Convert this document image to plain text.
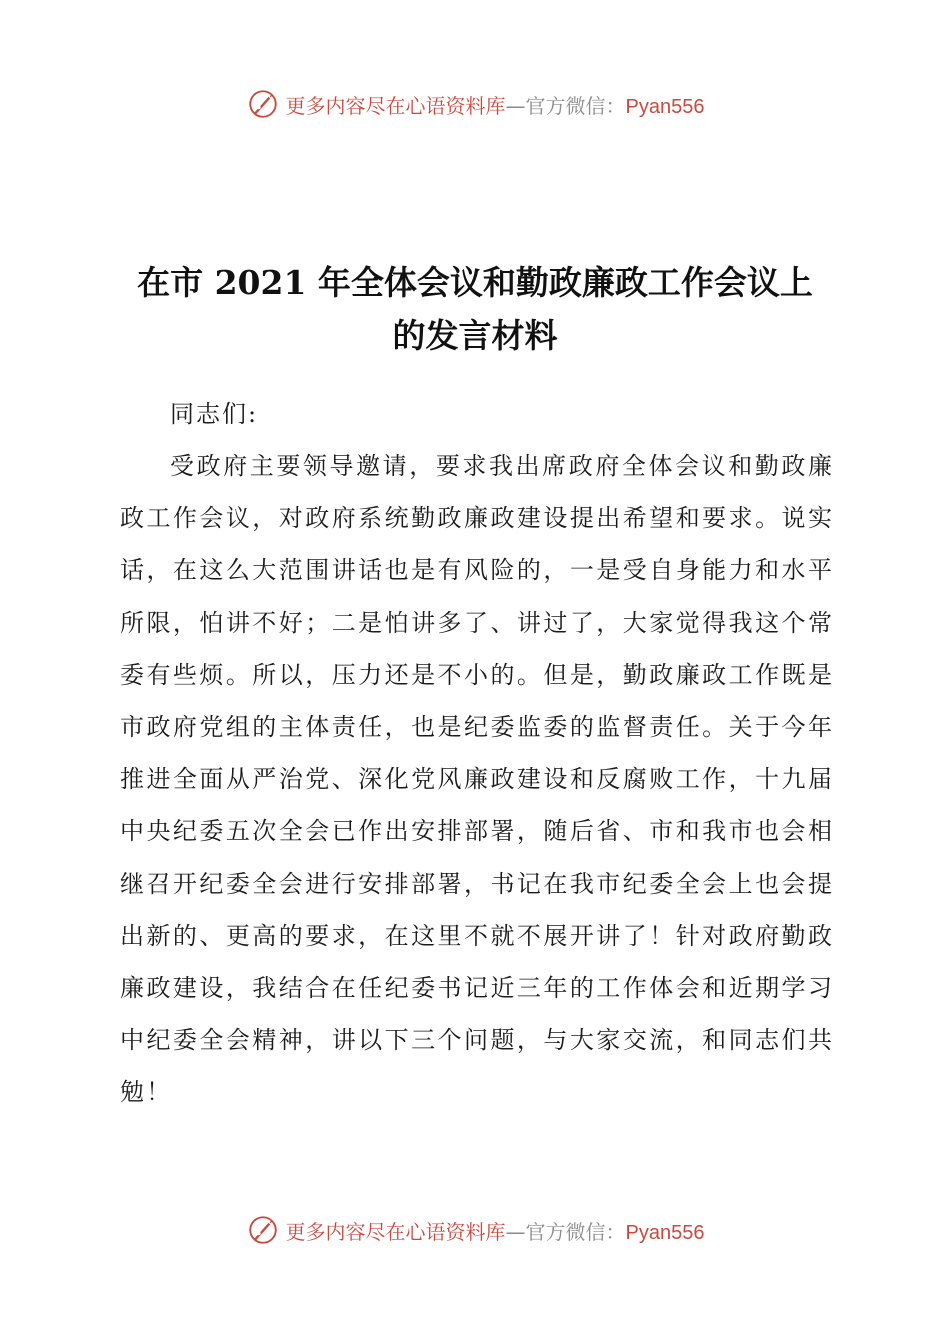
更多内容尽在心语资料库—官方微信：Pyan556
在市 2021 年全体会议和勤政廉政工作会议上
的发言材料
同志们:
受政府主要领导邀请，要求我出席政府全体会议和勤政廉
政工作会议，对政府系统勤政廉政建设提出希望和要求。说实
话，在这么大范围讲话也是有风险的，一是受自身能力和水平
所限，怕讲不好；二是怕讲多了、讲过了，大家觉得我这个常
委有些烦。所以，压力还是不小的。但是，勤政廉政工作既是
市政府党组的主体责任，也是纪委监委的监督责任。关于今年
推进全面从严治党、深化党风廉政建设和反腐败工作，十九届
中央纪委五次全会已作出安排部署，随后省、市和我市也会相
继召开纪委全会进行安排部署，书记在我市纪委全会上也会提
出新的、更高的要求，在这里不就不展开讲了！针对政府勤政
廉政建设，我结合在任纪委书记近三年的工作体会和近期学习
中纪委全会精神，讲以下三个问题，与大家交流，和同志们共
勉！
更多内容尽在心语资料库—官方微信：Pyan556
